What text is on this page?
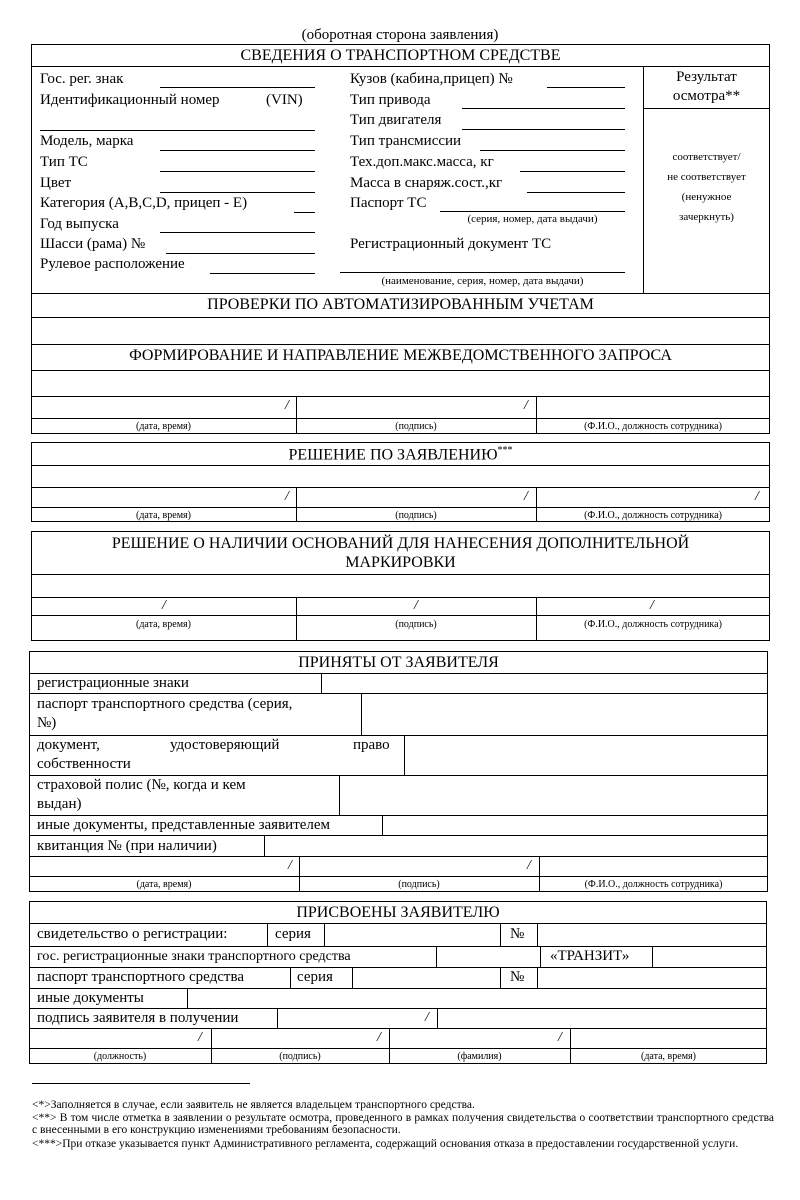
(оборотная сторона заявления)
СВЕДЕНИЯ О ТРАНСПОРТНОМ СРЕДСТВЕ
Гос. рег. знак
Идентификационный номер	(VIN)
Модель, марка
Тип ТС
Цвет
Категория (A,B,C,D, прицеп - E)
Год выпуска
Шасси (рама) №
Рулевое расположение
Кузов (кабина,прицеп) №
Тип привода
Тип двигателя
Тип трансмиссии
Тех.доп.макс.масса, кг
Масса в снаряж.сост.,кг
Паспорт ТС
(серия, номер, дата выдачи)
Регистрационный документ ТС
(наименование, серия, номер, дата выдачи)
Результат
осмотра**
соответствует/
не соответствует
(ненужное
зачеркнуть)
ПРОВЕРКИ ПО АВТОМАТИЗИРОВАННЫМ УЧЕТАМ
ФОРМИРОВАНИЕ И НАПРАВЛЕНИЕ МЕЖВЕДОМСТВЕННОГО ЗАПРОСА
/	/
(дата, время)	(подпись)	(Ф.И.О., должность сотрудника)
РЕШЕНИЕ ПО ЗАЯВЛЕНИЮ***
/	/	/
(дата, время)	(подпись)	(Ф.И.О., должность сотрудника)
РЕШЕНИЕ О НАЛИЧИИ ОСНОВАНИЙ ДЛЯ НАНЕСЕНИЯ ДОПОЛНИТЕЛЬНОЙ
МАРКИРОВКИ
/	/	/
(дата, время)	(подпись)	(Ф.И.О., должность сотрудника)
ПРИНЯТЫ ОТ ЗАЯВИТЕЛЯ
регистрационные знаки
паспорт транспортного средства (серия,
№)
документ,	удостоверяющий	право
собственности
страховой полис (№, когда и кем
выдан)
иные документы, представленные заявителем
квитанция № (при наличии)
/	/
(дата, время)	(подпись)	(Ф.И.О., должность сотрудника)
ПРИСВОЕНЫ ЗАЯВИТЕЛЮ
свидетельство о регистрации:	серия	№
гос. регистрационные знаки транспортного средства	«ТРАНЗИТ»
паспорт транспортного средства	серия	№
иные документы
подпись заявителя в получении	/
/	/	/
(должность)	(подпись)	(фамилия)	(дата, время)
<*>Заполняется в случае, если заявитель не является владельцем транспортного средства.
<**> В том числе отметка в заявлении о результате осмотра, проведенного в рамках получения свидетельства о соответствии транспортного средства с внесенными в его конструкцию изменениями требованиям безопасности.
<***>При отказе указывается пункт Административного регламента, содержащий основания отказа в предоставлении государственной услуги.
